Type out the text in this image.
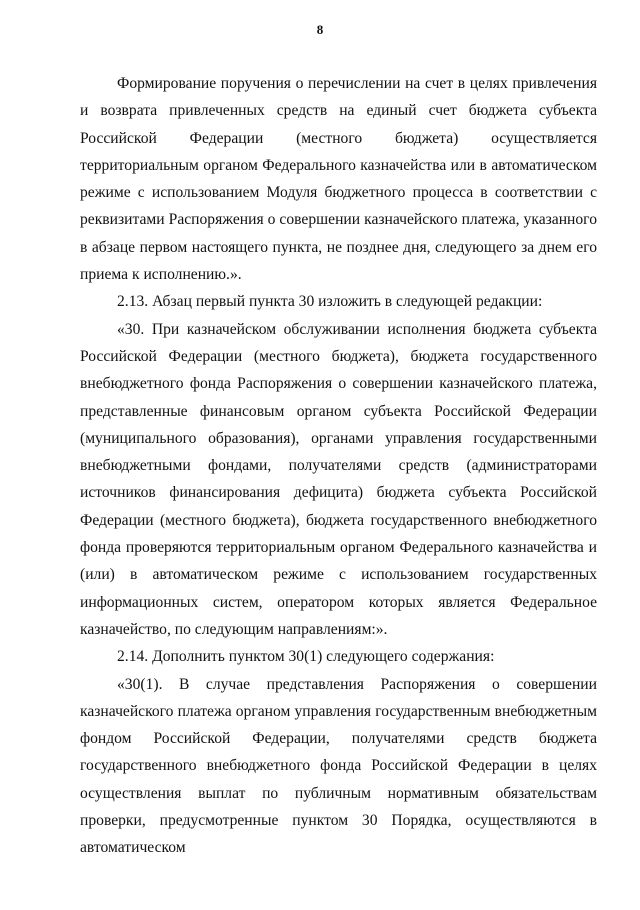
8

Формирование поручения о перечислении на счет в целях привлечения и возврата привлеченных средств на единый счет бюджета субъекта Российской Федерации (местного бюджета) осуществляется территориальным органом Федерального казначейства или в автоматическом режиме с использованием Модуля бюджетного процесса в соответствии с реквизитами Распоряжения о совершении казначейского платежа, указанного в абзаце первом настоящего пункта, не позднее дня, следующего за днем его приема к исполнению.».

2.13. Абзац первый пункта 30 изложить в следующей редакции:

«30. При казначейском обслуживании исполнения бюджета субъекта Российской Федерации (местного бюджета), бюджета государственного внебюджетного фонда Распоряжения о совершении казначейского платежа, представленные финансовым органом субъекта Российской Федерации (муниципального образования), органами управления государственными внебюджетными фондами, получателями средств (администраторами источников финансирования дефицита) бюджета субъекта Российской Федерации (местного бюджета), бюджета государственного внебюджетного фонда проверяются территориальным органом Федерального казначейства и (или) в автоматическом режиме с использованием государственных информационных систем, оператором которых является Федеральное казначейство, по следующим направлениям:».

2.14. Дополнить пунктом 30(1) следующего содержания:

«30(1). В случае представления Распоряжения о совершении казначейского платежа органом управления государственным внебюджетным фондом Российской Федерации, получателями средств бюджета государственного внебюджетного фонда Российской Федерации в целях осуществления выплат по публичным нормативным обязательствам проверки, предусмотренные пунктом 30 Порядка, осуществляются в автоматическом
